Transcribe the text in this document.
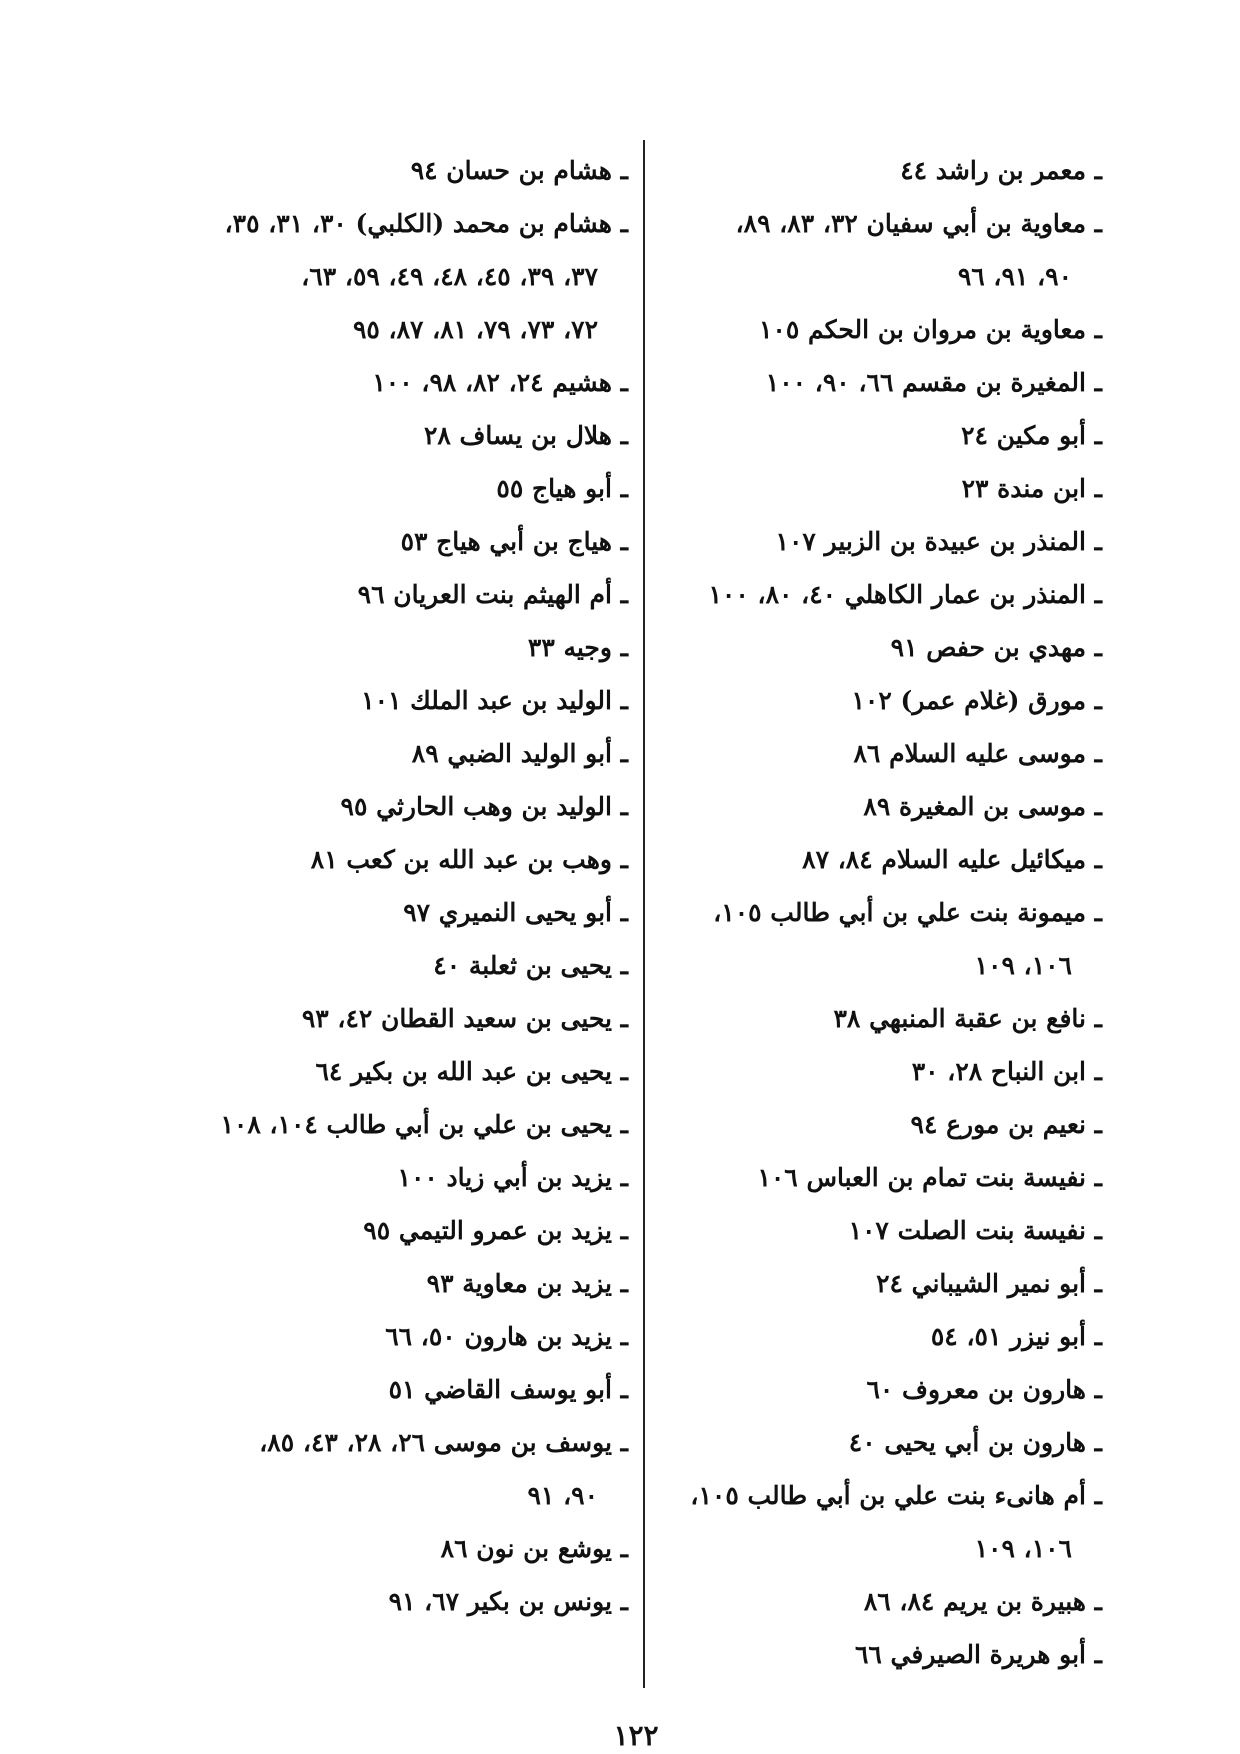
ـ معمر بن راشد ٤٤
ـ معاوية بن أبي سفيان ٣٢، ٨٣، ٨٩،
٩٠، ٩١، ٩٦
ـ معاوية بن مروان بن الحكم ١٠٥
ـ المغيرة بن مقسم ٦٦، ٩٠، ١٠٠
ـ أبو مكين ٢٤
ـ ابن مندة ٢٣
ـ المنذر بن عبيدة بن الزبير ١٠٧
ـ المنذر بن عمار الكاهلي ٤٠، ٨٠، ١٠٠
ـ مهدي بن حفص ٩١
ـ مورق (غلام عمر) ١٠٢
ـ موسى عليه السلام ٨٦
ـ موسى بن المغيرة ٨٩
ـ ميكائيل عليه السلام ٨٤، ٨٧
ـ ميمونة بنت علي بن أبي طالب ١٠٥،
١٠٦، ١٠٩
ـ نافع بن عقبة المنبهي ٣٨
ـ ابن النباح ٢٨، ٣٠
ـ نعيم بن مورع ٩٤
ـ نفيسة بنت تمام بن العباس ١٠٦
ـ نفيسة بنت الصلت ١٠٧
ـ أبو نمير الشيباني ٢٤
ـ أبو نيزر ٥١، ٥٤
ـ هارون بن معروف ٦٠
ـ هارون بن أبي يحيى ٤٠
ـ أم هانىء بنت علي بن أبي طالب ١٠٥،
١٠٦، ١٠٩
ـ هبيرة بن يريم ٨٤، ٨٦
ـ أبو هريرة الصيرفي ٦٦
ـ هشام بن حسان ٩٤
ـ هشام بن محمد (الكلبي) ٣٠، ٣١، ٣٥،
٣٧، ٣٩، ٤٥، ٤٨، ٤٩، ٥٩، ٦٣،
٧٢، ٧٣، ٧٩، ٨١، ٨٧، ٩٥
ـ هشيم ٢٤، ٨٢، ٩٨، ١٠٠
ـ هلال بن يساف ٢٨
ـ أبو هياج ٥٥
ـ هياج بن أبي هياج ٥٣
ـ أم الهيثم بنت العريان ٩٦
ـ وجيه ٣٣
ـ الوليد بن عبد الملك ١٠١
ـ أبو الوليد الضبي ٨٩
ـ الوليد بن وهب الحارثي ٩٥
ـ وهب بن عبد الله بن كعب ٨١
ـ أبو يحيى النميري ٩٧
ـ يحيى بن ثعلبة ٤٠
ـ يحيى بن سعيد القطان ٤٢، ٩٣
ـ يحيى بن عبد الله بن بكير ٦٤
ـ يحيى بن علي بن أبي طالب ١٠٤، ١٠٨
ـ يزيد بن أبي زياد ١٠٠
ـ يزيد بن عمرو التيمي ٩٥
ـ يزيد بن معاوية ٩٣
ـ يزيد بن هارون ٥٠، ٦٦
ـ أبو يوسف القاضي ٥١
ـ يوسف بن موسى ٢٦، ٢٨، ٤٣، ٨٥،
٩٠، ٩١
ـ يوشع بن نون ٨٦
ـ يونس بن بكير ٦٧، ٩١
١٢٢
